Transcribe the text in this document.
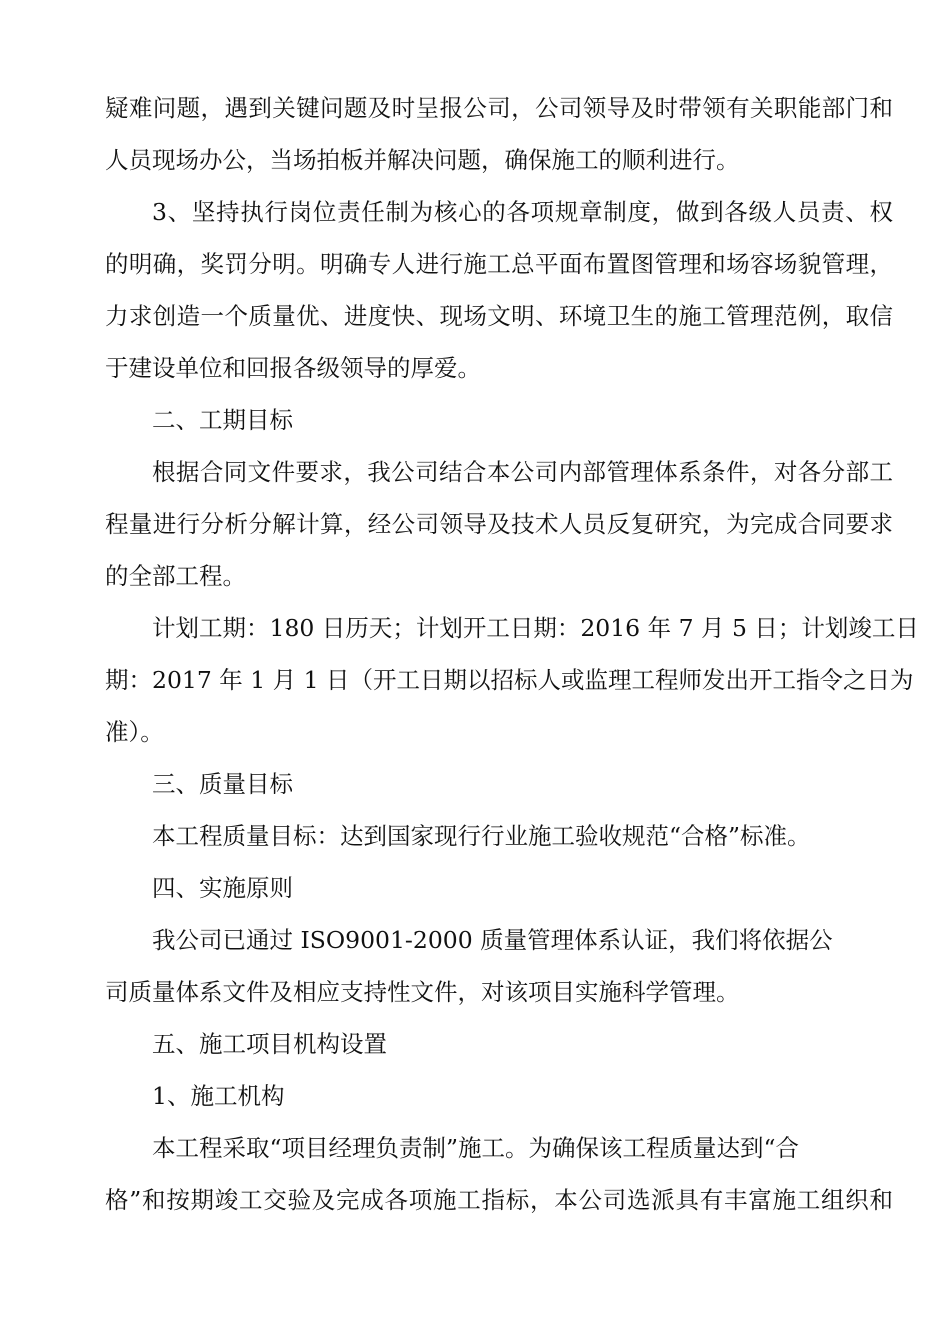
疑难问题，遇到关键问题及时呈报公司，公司领导及时带领有关职能部门和
人员现场办公，当场拍板并解决问题，确保施工的顺利进行。
3、坚持执行岗位责任制为核心的各项规章制度，做到各级人员责、权
的明确，奖罚分明。明确专人进行施工总平面布置图管理和场容场貌管理，
力求创造一个质量优、进度快、现场文明、环境卫生的施工管理范例，取信
于建设单位和回报各级领导的厚爱。
二、工期目标
根据合同文件要求，我公司结合本公司内部管理体系条件，对各分部工
程量进行分析分解计算，经公司领导及技术人员反复研究，为完成合同要求
的全部工程。
计划工期：180 日历天；计划开工日期：2016 年 7 月 5 日；计划竣工日
期：2017 年 1 月 1 日（开工日期以招标人或监理工程师发出开工指令之日为
准）。
三、质量目标
本工程质量目标：达到国家现行行业施工验收规范“合格”标准。
四、实施原则
我公司已通过 ISO9001-2000 质量管理体系认证，我们将依据公
司质量体系文件及相应支持性文件，对该项目实施科学管理。
五、施工项目机构设置
1、施工机构
本工程采取“项目经理负责制”施工。为确保该工程质量达到“合
格”和按期竣工交验及完成各项施工指标，本公司选派具有丰富施工组织和
